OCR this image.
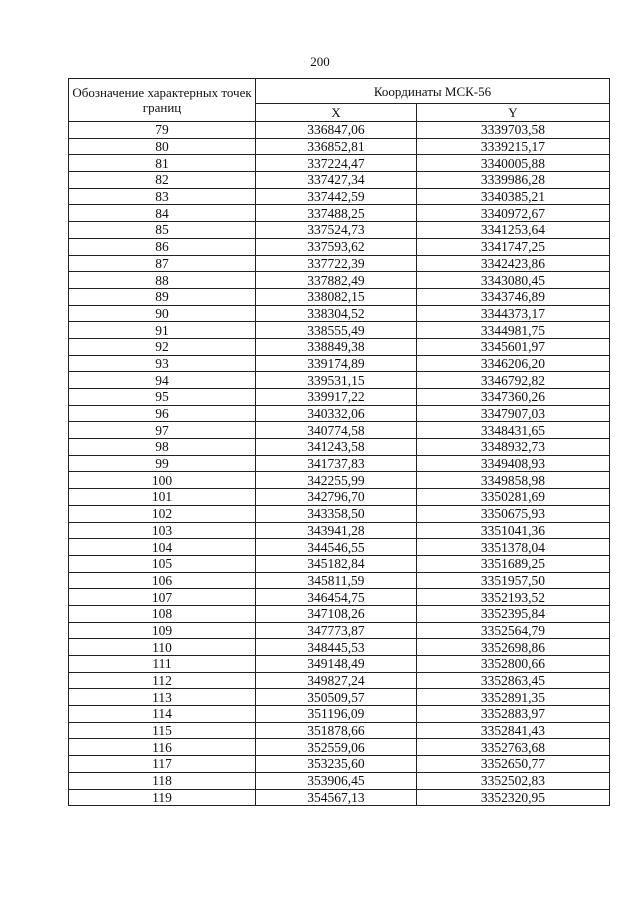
200
Обозначение характерных точек границ	Координаты МСК-56	
	X	Y
79	336847,06	3339703,58
80	336852,81	3339215,17
81	337224,47	3340005,88
82	337427,34	3339986,28
83	337442,59	3340385,21
84	337488,25	3340972,67
85	337524,73	3341253,64
86	337593,62	3341747,25
87	337722,39	3342423,86
88	337882,49	3343080,45
89	338082,15	3343746,89
90	338304,52	3344373,17
91	338555,49	3344981,75
92	338849,38	3345601,97
93	339174,89	3346206,20
94	339531,15	3346792,82
95	339917,22	3347360,26
96	340332,06	3347907,03
97	340774,58	3348431,65
98	341243,58	3348932,73
99	341737,83	3349408,93
100	342255,99	3349858,98
101	342796,70	3350281,69
102	343358,50	3350675,93
103	343941,28	3351041,36
104	344546,55	3351378,04
105	345182,84	3351689,25
106	345811,59	3351957,50
107	346454,75	3352193,52
108	347108,26	3352395,84
109	347773,87	3352564,79
110	348445,53	3352698,86
111	349148,49	3352800,66
112	349827,24	3352863,45
113	350509,57	3352891,35
114	351196,09	3352883,97
115	351878,66	3352841,43
116	352559,06	3352763,68
117	353235,60	3352650,77
118	353906,45	3352502,83
119	354567,13	3352320,95
